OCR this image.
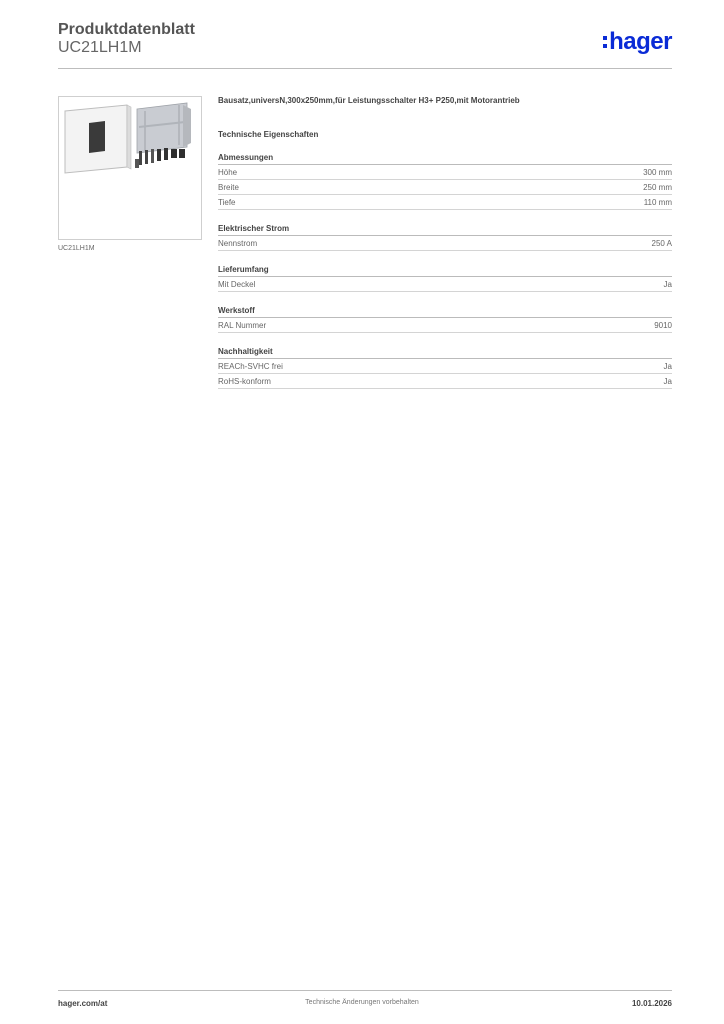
Produktdatenblatt
UC21LH1M	hager
UC21LH1M
Bausatz,universN,300x250mm,für Leistungsschalter H3+ P250,mit Motorantrieb
Technische Eigenschaften
Abmessungen
Höhe	300 mm
Breite	250 mm
Tiefe	110 mm
Elektrischer Strom
Nennstrom	250 A
Lieferumfang
Mit Deckel	Ja
Werkstoff
RAL Nummer	9010
Nachhaltigkeit
REACh-SVHC frei	Ja
RoHS-konform	Ja
hager.com/at	Technische Änderungen vorbehalten	10.01.2026
